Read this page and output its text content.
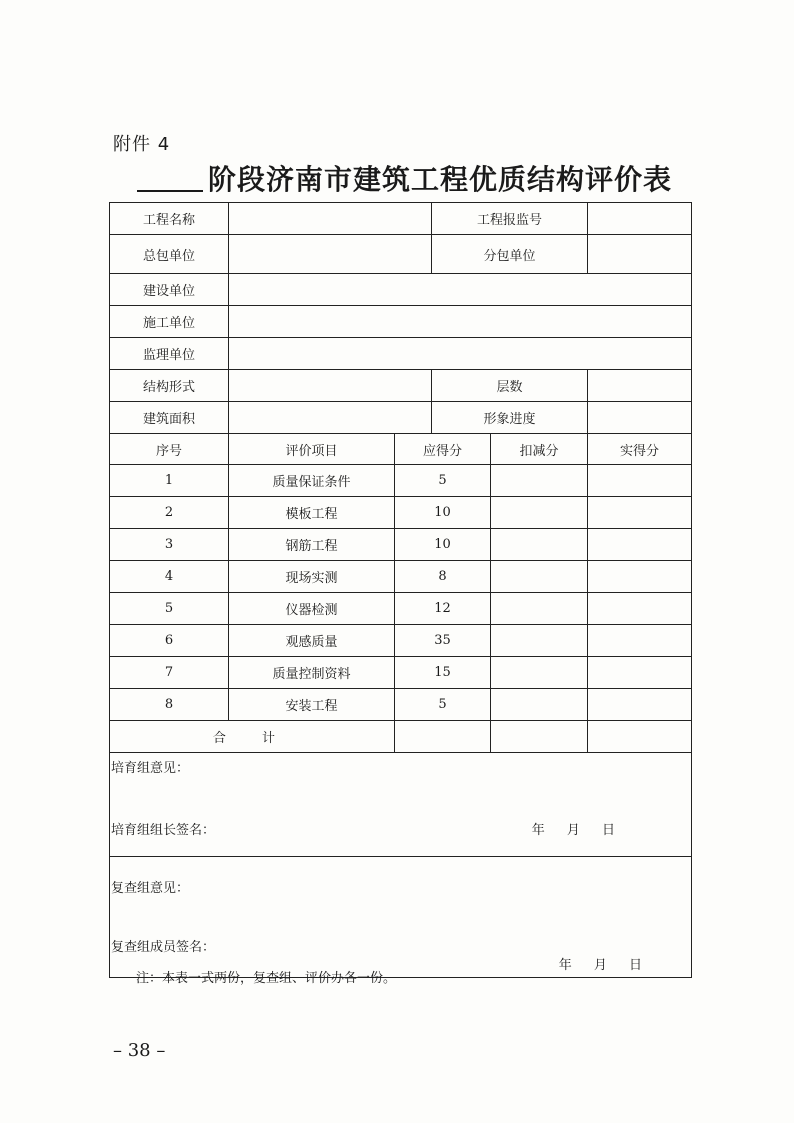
附件 4
阶段济南市建筑工程优质结构评价表
工程名称			工程报监号		
总包单位			分包单位		
建设单位					
施工单位					
监理单位					
结构形式			层数		
建筑面积			形象进度		
序号	评价项目	应得分		扣减分	实得分
1	质量保证条件	5			
2	模板工程	10			
3	钢筋工程	10			
4	现场实测	8			
5	仪器检测	12			
6	观感质量	35			
7	质量控制资料	15			
8	安装工程	5			
合 计					

培育组意见：
培育组组长签名： 年 月 日					

复查组意见：
复查组成员签名：
年 月 日					
注：本表一式两份，复查组、评价办各一份。
– 38 –
